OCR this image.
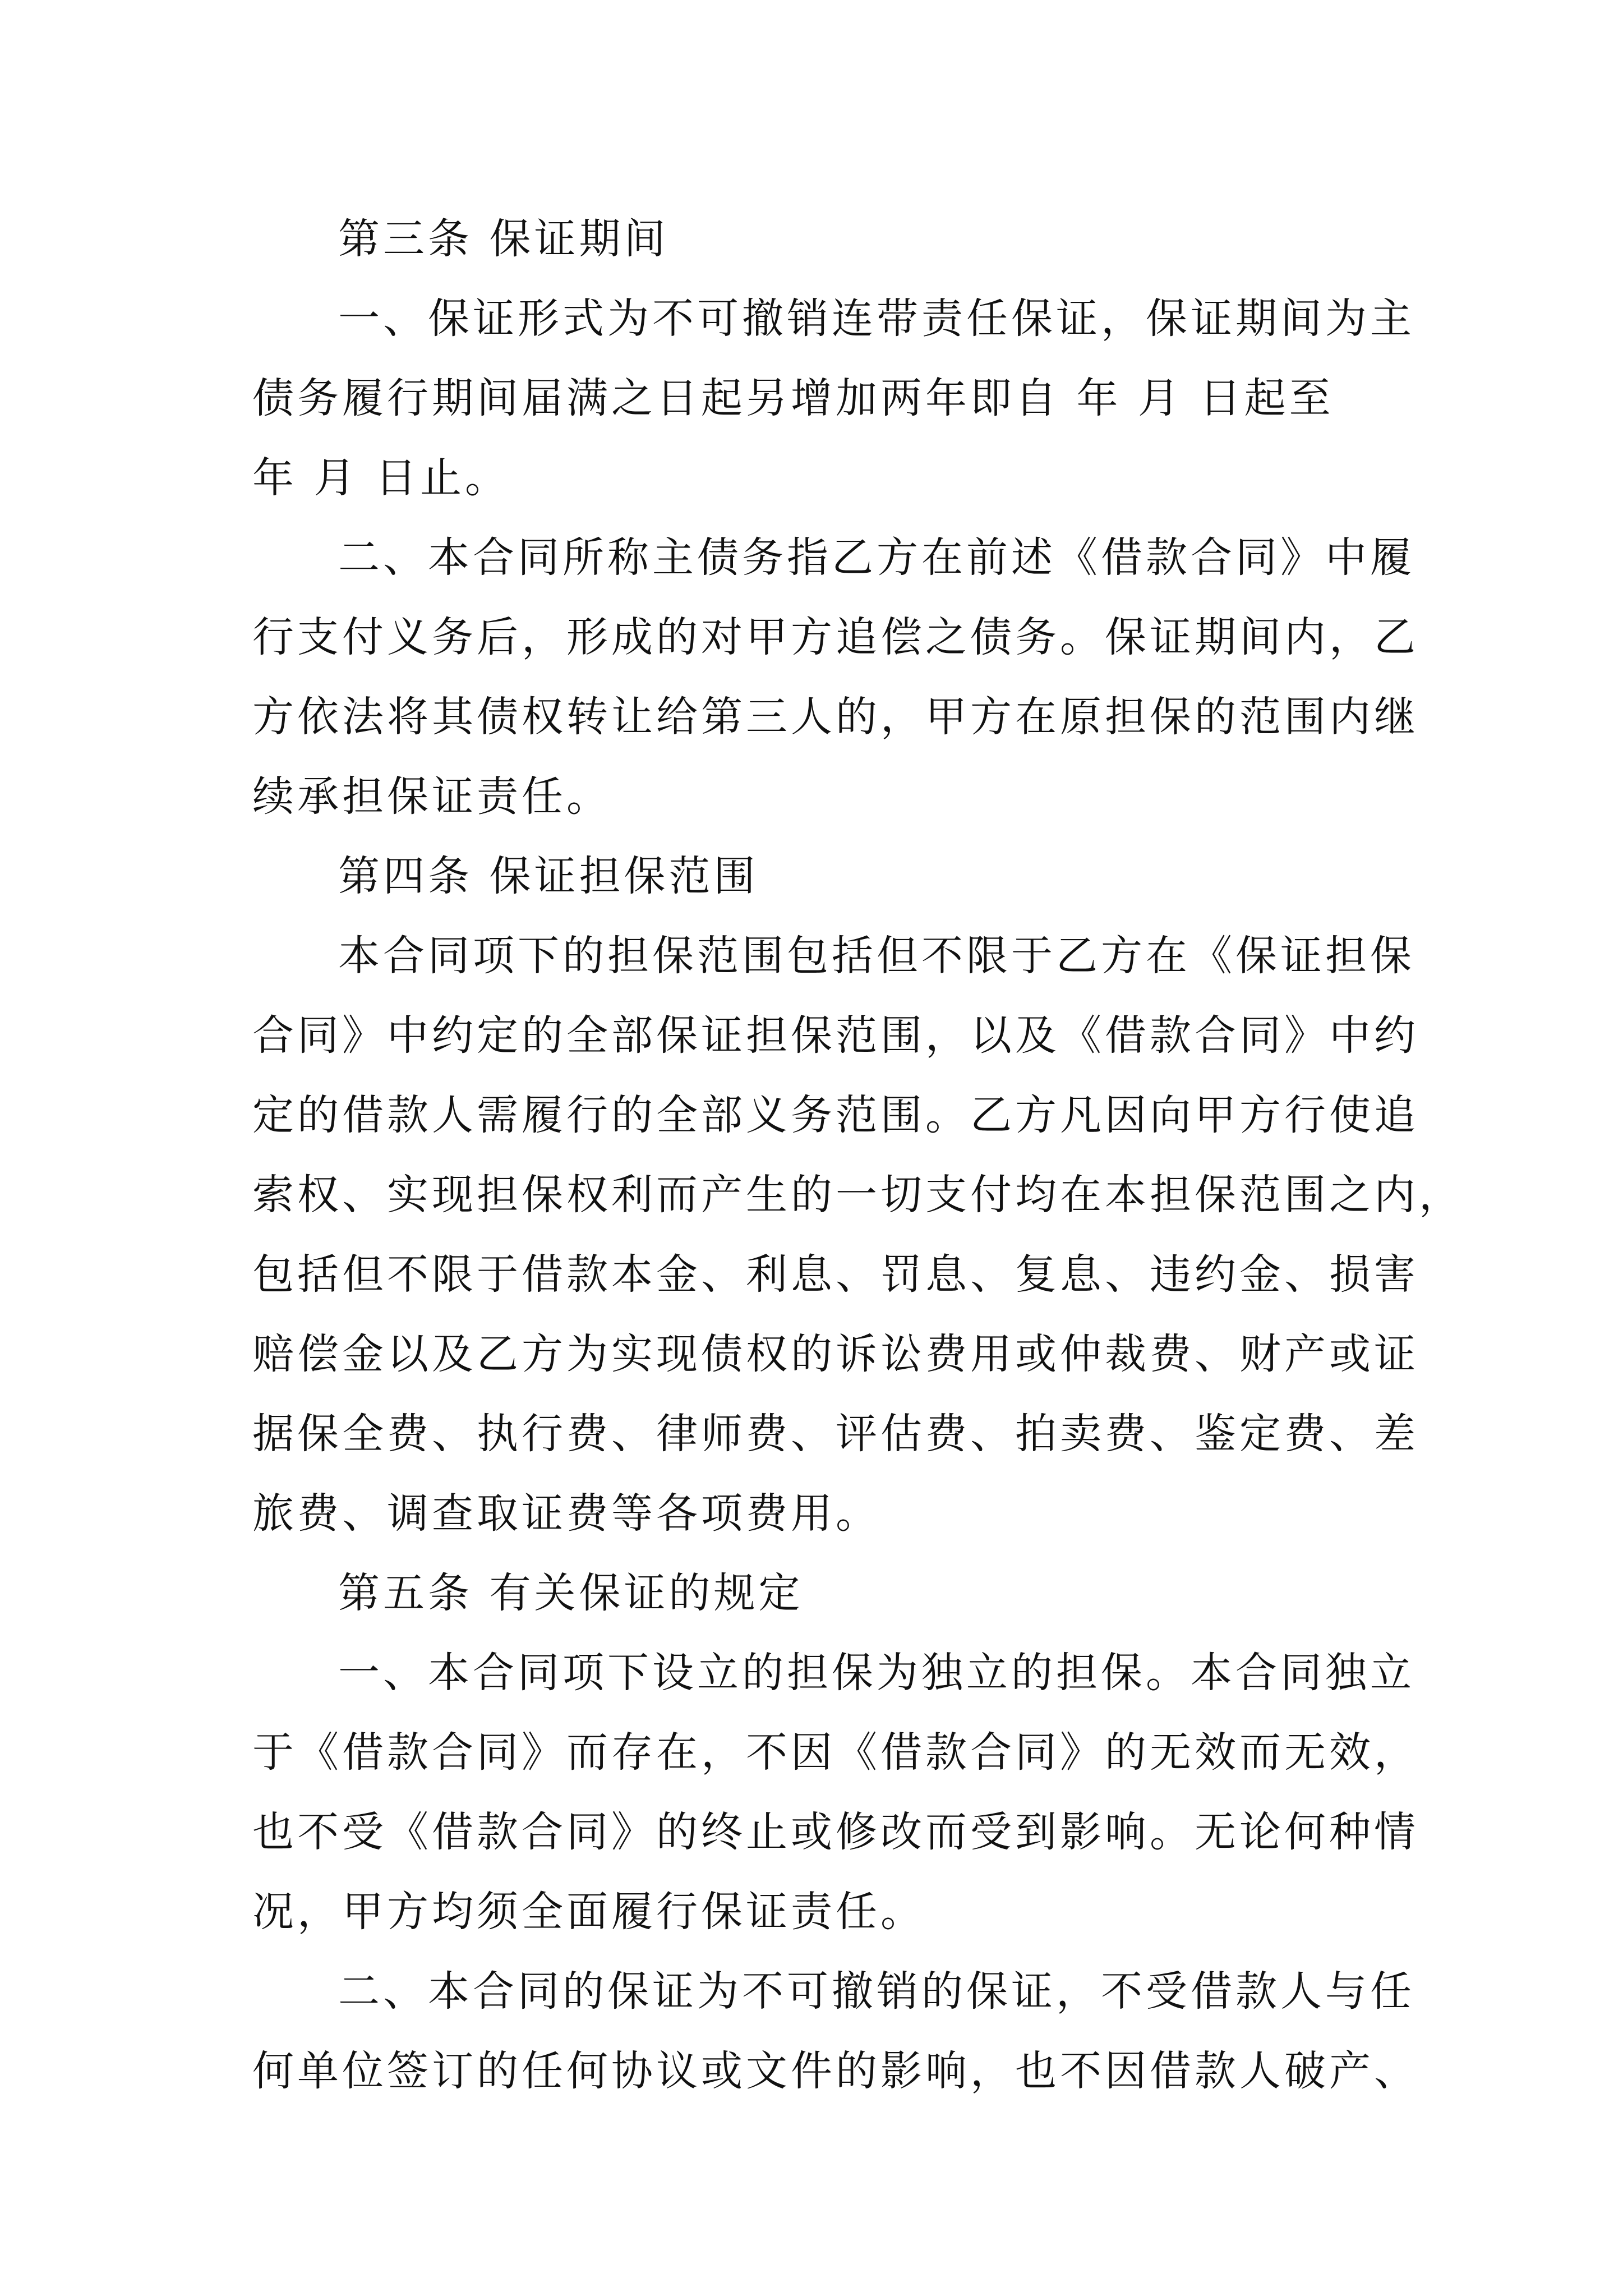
第三条 保证期间
一、保证形式为不可撤销连带责任保证，保证期间为主
债务履行期间届满之日起另增加两年即自 年 月 日起至
年 月 日止。
二、本合同所称主债务指乙方在前述《借款合同》中履
行支付义务后，形成的对甲方追偿之债务。保证期间内，乙
方依法将其债权转让给第三人的，甲方在原担保的范围内继
续承担保证责任。
第四条 保证担保范围
本合同项下的担保范围包括但不限于乙方在《保证担保
合同》中约定的全部保证担保范围，以及《借款合同》中约
定的借款人需履行的全部义务范围。乙方凡因向甲方行使追
索权、实现担保权利而产生的一切支付均在本担保范围之内，
包括但不限于借款本金、利息、罚息、复息、违约金、损害
赔偿金以及乙方为实现债权的诉讼费用或仲裁费、财产或证
据保全费、执行费、律师费、评估费、拍卖费、鉴定费、差
旅费、调查取证费等各项费用。
第五条 有关保证的规定
一、本合同项下设立的担保为独立的担保。本合同独立
于《借款合同》而存在，不因《借款合同》的无效而无效，
也不受《借款合同》的终止或修改而受到影响。无论何种情
况，甲方均须全面履行保证责任。
二、本合同的保证为不可撤销的保证，不受借款人与任
何单位签订的任何协议或文件的影响，也不因借款人破产、
